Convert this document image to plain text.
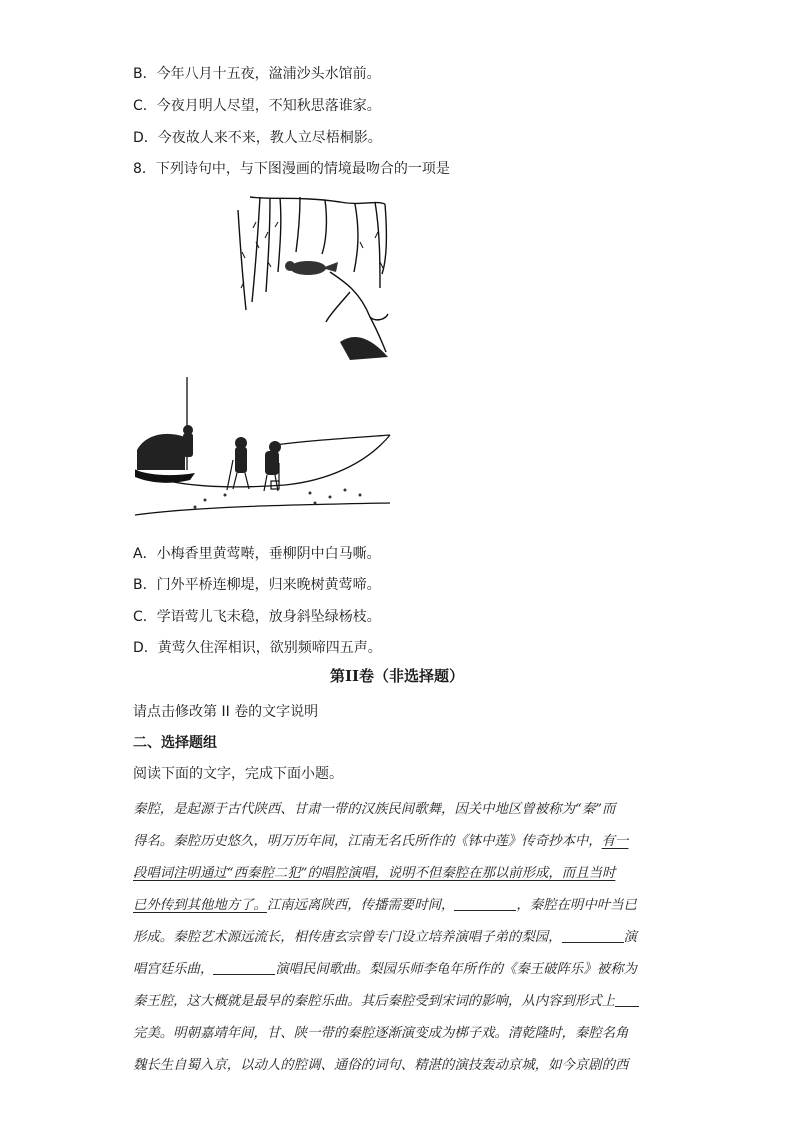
B．今年八月十五夜，湓浦沙头水馆前。
C．今夜月明人尽望，不知秋思落谁家。
D．今夜故人来不来，教人立尽梧桐影。
8．下列诗句中，与下图漫画的情境最吻合的一项是
A．小梅香里黄莺啭，垂柳阴中白马嘶。
B．门外平桥连柳堤，归来晚树黄莺啼。
C．学语莺儿飞未稳，放身斜坠绿杨枝。
D．黄莺久住浑相识，欲别频啼四五声。
第II卷（非选择题）
请点击修改第 II 卷的文字说明
二、选择题组
阅读下面的文字，完成下面小题。
秦腔，是起源于古代陕西、甘肃一带的汉族民间歌舞，因关中地区曾被称为“秦”而
得名。秦腔历史悠久，明万历年间，江南无名氏所作的《钵中莲》传奇抄本中，有一
段唱词注明通过“西秦腔二犯”的唱腔演唱，说明不但秦腔在那以前形成，而且当时
已外传到其他地方了。江南远离陕西，传播需要时间，	，秦腔在明中叶当已
形成。秦腔艺术源远流长，相传唐玄宗曾专门设立培养演唱子弟的梨园，	演
唱宫廷乐曲，	演唱民间歌曲。梨园乐师李龟年所作的《秦王破阵乐》被称为
秦王腔，这大概就是最早的秦腔乐曲。其后秦腔受到宋词的影响，从内容到形式上
完美。明朝嘉靖年间，甘、陕一带的秦腔逐渐演变成为梆子戏。清乾隆时，秦腔名角
魏长生自蜀入京，以动人的腔调、通俗的词句、精湛的演技轰动京城，如今京剧的西
